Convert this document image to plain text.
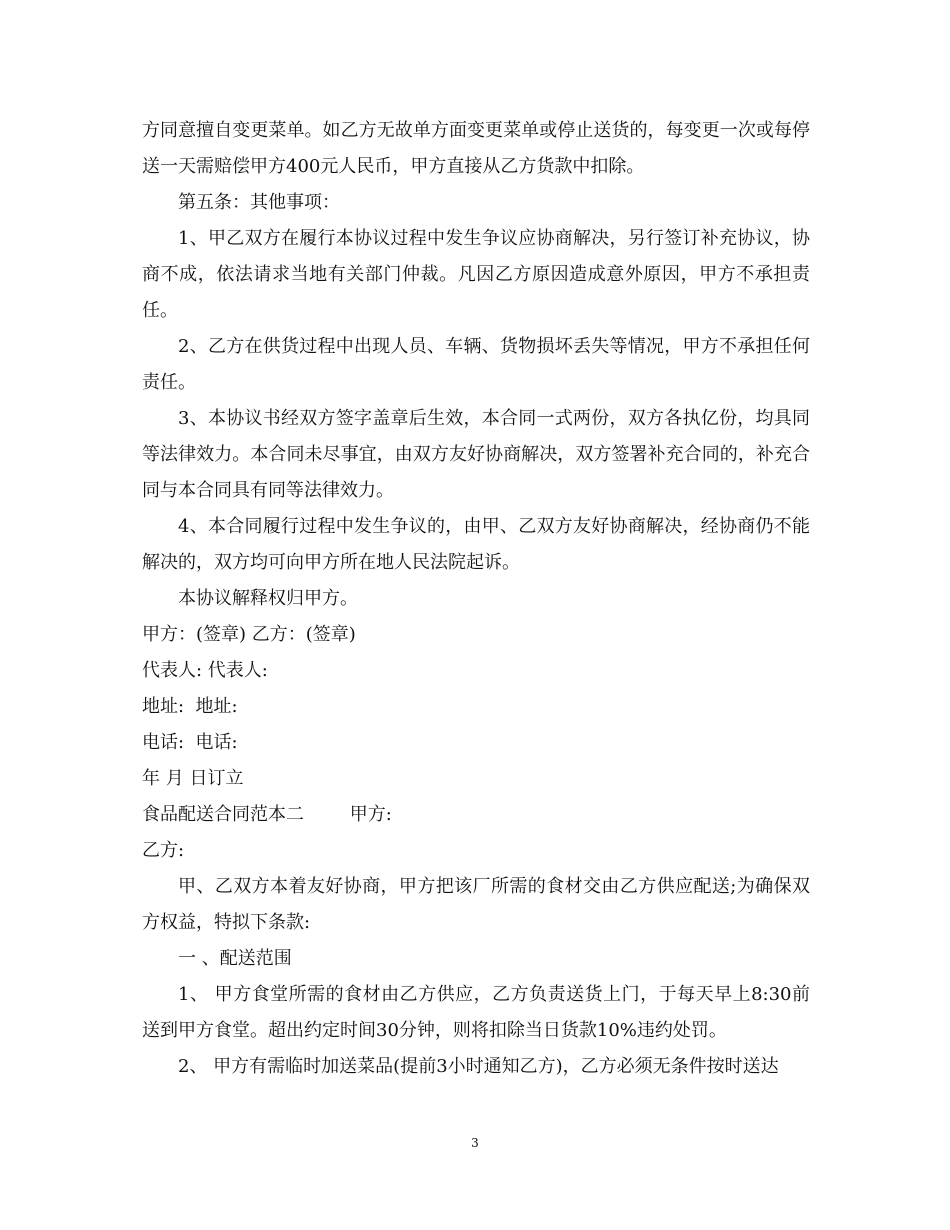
方同意擅自变更菜单。如乙方无故单方面变更菜单或停止送货的，每变更一次或每停送一天需赔偿甲方400元人民币，甲方直接从乙方货款中扣除。

第五条：其他事项：

1、甲乙双方在履行本协议过程中发生争议应协商解决，另行签订补充协议，协商不成，依法请求当地有关部门仲裁。凡因乙方原因造成意外原因，甲方不承担责任。

2、乙方在供货过程中出现人员、车辆、货物损坏丢失等情况，甲方不承担任何责任。

3、本协议书经双方签字盖章后生效，本合同一式两份，双方各执亿份，均具同等法律效力。本合同未尽事宜，由双方友好协商解决，双方签署补充合同的，补充合同与本合同具有同等法律效力。

4、本合同履行过程中发生争议的，由甲、乙双方友好协商解决，经协商仍不能解决的，双方均可向甲方所在地人民法院起诉。

本协议解释权归甲方。

甲方：(签章) 乙方：(签章)

代表人: 代表人:

地址:  地址:

电话:  电话:

年 月 日订立

食品配送合同范本二        甲方:

乙方:

甲、乙双方本着友好协商，甲方把该厂所需的食材交由乙方供应配送;为确保双方权益，特拟下条款:

一 、配送范围

1、 甲方食堂所需的食材由乙方供应，乙方负责送货上门，于每天早上8:30前送到甲方食堂。超出约定时间30分钟，则将扣除当日货款10%违约处罚。

2、 甲方有需临时加送菜品(提前3小时通知乙方)，乙方必须无条件按时送达

3
